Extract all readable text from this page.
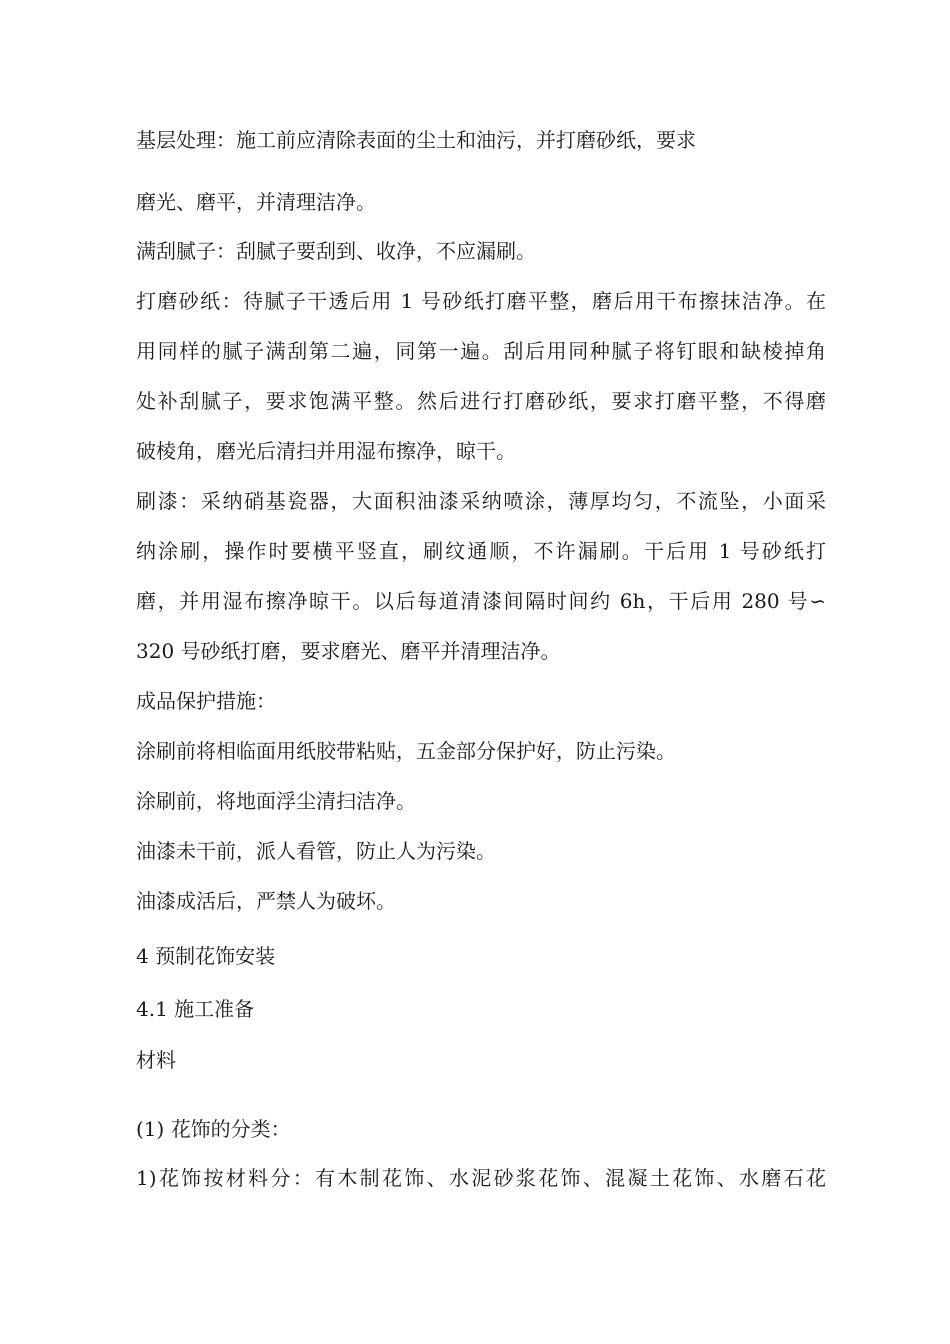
基层处理：施工前应清除表面的尘土和油污，并打磨砂纸，要求
磨光、磨平，并清理洁净。
满刮腻子：刮腻子要刮到、收净，不应漏刷。
打磨砂纸：待腻子干透后用 1 号砂纸打磨平整，磨后用干布擦抹洁净。在
用同样的腻子满刮第二遍，同第一遍。刮后用同种腻子将钉眼和缺棱掉角
处补刮腻子，要求饱满平整。然后进行打磨砂纸，要求打磨平整，不得磨
破棱角，磨光后清扫并用湿布擦净，晾干。
刷漆：采纳硝基瓷器，大面积油漆采纳喷涂，薄厚均匀，不流坠，小面采
纳涂刷，操作时要横平竖直，刷纹通顺，不许漏刷。干后用 1 号砂纸打
磨，并用湿布擦净晾干。以后每道清漆间隔时间约 6h，干后用 280 号∽
320 号砂纸打磨，要求磨光、磨平并清理洁净。
成品保护措施：
涂刷前将相临面用纸胶带粘贴，五金部分保护好，防止污染。
涂刷前，将地面浮尘清扫洁净。
油漆未干前，派人看管，防止人为污染。
油漆成活后，严禁人为破坏。
4 预制花饰安装
4.1 施工准备
材料
(1) 花饰的分类：
1)花饰按材料分：有木制花饰、水泥砂浆花饰、混凝土花饰、水磨石花
